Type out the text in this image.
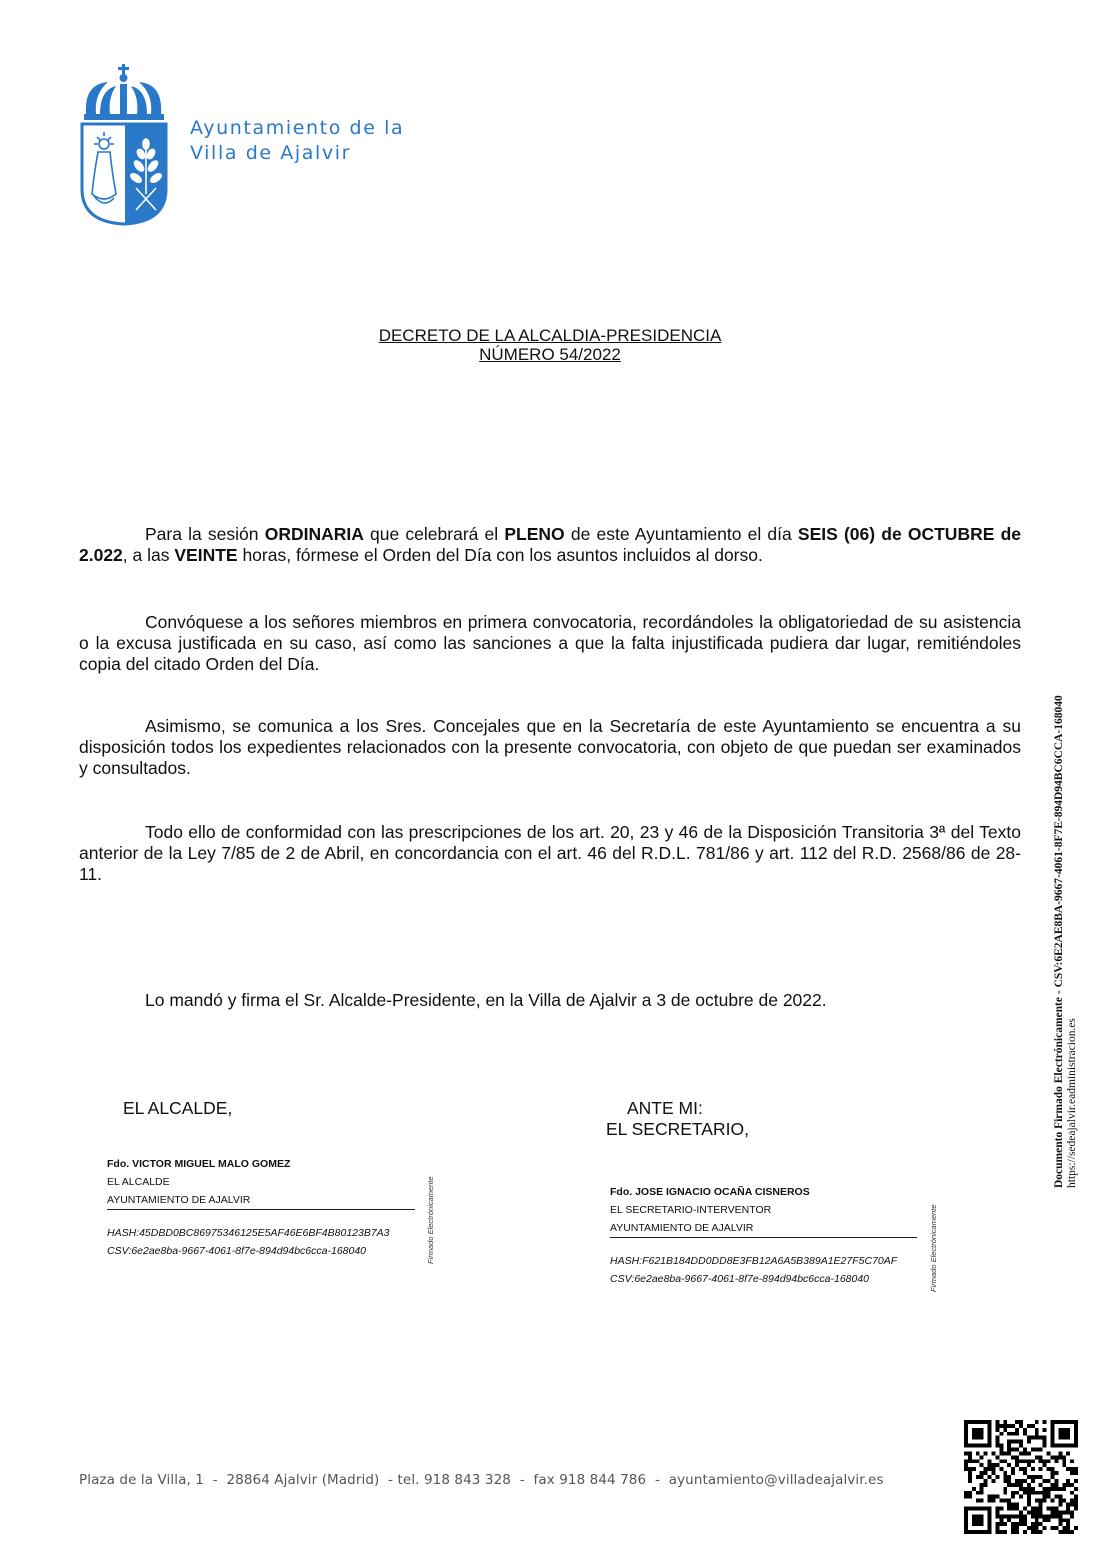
Ayuntamiento de la
Villa de Ajalvir
DECRETO DE LA ALCALDIA-PRESIDENCIA
NÚMERO 54/2022
Para la sesión ORDINARIA que celebrará el PLENO de este Ayuntamiento el día SEIS (06) de OCTUBRE de 2.022, a las VEINTE horas, fórmese el Orden del Día con los asuntos incluidos al dorso.
Convóquese a los señores miembros en primera convocatoria, recordándoles la obligatoriedad de su asistencia o la excusa justificada en su caso, así como las sanciones a que la falta injustificada pudiera dar lugar, remitiéndoles copia del citado Orden del Día.
Asimismo, se comunica a los Sres. Concejales que en la Secretaría de este Ayuntamiento se encuentra a su disposición todos los expedientes relacionados con la presente convocatoria, con objeto de que puedan ser examinados y consultados.
Todo ello de conformidad con las prescripciones de los art. 20, 23 y 46 de la Disposición Transitoria 3ª del Texto anterior de la Ley 7/85 de 2 de Abril, en concordancia con el art. 46 del R.D.L. 781/86 y art. 112 del R.D. 2568/86 de 28-11.
Lo mandó y firma el Sr. Alcalde-Presidente, en la Villa de Ajalvir a 3 de octubre de 2022.
EL ALCALDE,	ANTE MI:
EL SECRETARIO,
Fdo. VICTOR MIGUEL MALO GOMEZ
EL ALCALDE
AYUNTAMIENTO DE AJALVIR
HASH:45DBD0BC86975346125E5AF46E6BF4B80123B7A3
CSV:6e2ae8ba-9667-4061-8f7e-894d94bc6cca-168040	Firmado Electrónicamente	Fdo. JOSE IGNACIO OCAÑA CISNEROS
EL SECRETARIO-INTERVENTOR
AYUNTAMIENTO DE AJALVIR
HASH:F621B184DD0DD8E3FB12A6A5B389A1E27F5C70AF
CSV:6e2ae8ba-9667-4061-8f7e-894d94bc6cca-168040	Firmado Electrónicamente
Documento Firmado Electrónicamente - CSV:6E2AE8BA-9667-4061-8F7E-894D94BC6CCA-168040
https://sedeajalvir.eadministracion.es
Plaza de la Villa, 1  -  28864 Ajalvir (Madrid)  - tel. 918 843 328  -  fax 918 844 786  -  ayuntamiento@villadeajalvir.es
